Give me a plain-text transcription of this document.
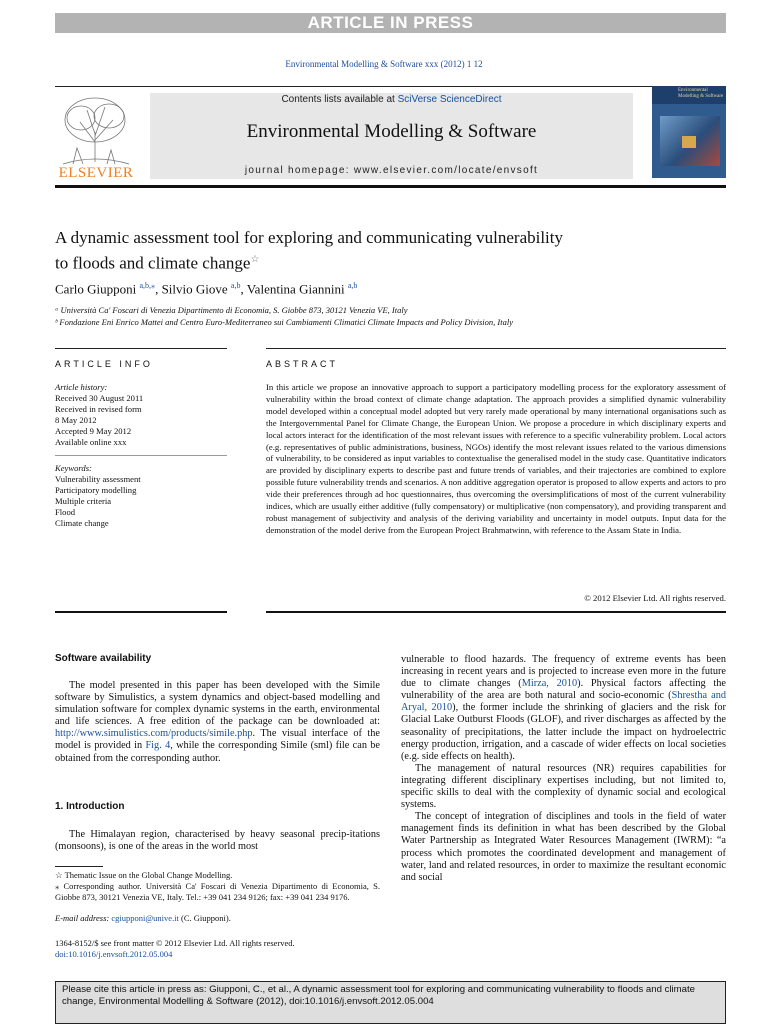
ARTICLE IN PRESS
Environmental Modelling & Software xxx (2012) 1 12
ELSEVIER
Contents lists available at SciVerse ScienceDirect
Environmental Modelling & Software
journal homepage: www.elsevier.com/locate/envsoft
Environmental
Modelling & Software
A dynamic assessment tool for exploring and communicating vulnerability
to floods and climate change☆
Carlo Giupponi $^{a,b,⁎}$, Silvio Giove $^{a,b}$, Valentina Giannini $^{a,b}$
ᵃ Università Ca' Foscari di Venezia Dipartimento di Economia, S. Giobbe 873, 30121 Venezia VE, Italy
ᵇ Fondazione Eni Enrico Mattei and Centro Euro-Mediterraneo sui Cambiamenti Climatici Climate Impacts and Policy Division, Italy
ARTICLE INFO	ABSTRACT
Article history:
Received 30 August 2011
Received in revised form
8 May 2012
Accepted 9 May 2012
Available online xxx
Keywords:
Vulnerability assessment
Participatory modelling
Multiple criteria
Flood
Climate change
In this article we propose an innovative approach to support a participatory modelling process for the exploratory assessment of vulnerability within the broad context of climate change adaptation. The approach provides a simplified dynamic vulnerability model developed within a conceptual model adopted but very rarely made operational by many international organisations such as the Intergovernmental Panel for Climate Change, the European Union. We propose a procedure in which disciplinary experts and local actors interact for the identification of the most relevant issues with reference to a specific vulnerability problem. Local actors (e.g. representatives of public administrations, business, NGOs) identify the most relevant issues related to the various dimensions of vulnerability, to be considered as input variables to contextualise the generalised model in the study case. Quantitative indicators are provided by disciplinary experts to describe past and future trends of variables, and their trajectories are combined to explore possible future vulnerability trends and scenarios. A non additive aggregation operator is proposed to allow experts and actors to pro vide their preferences through ad hoc questionnaires, thus overcoming the oversimplifications of most of the current vulnerability indices, which are usually either additive (fully compensatory) or multiplicative (non compensatory), and providing transparent and robust management of subjectivity and analysis of the deriving variability and uncertainty in model outputs. Input data for the demonstration of the model derive from the European Project Brahmatwinn, with reference to the Assam State in India.
© 2012 Elsevier Ltd. All rights reserved.
Software availability

The model presented in this paper has been developed with the Simile software by Simulistics, a system dynamics and object-based modelling and simulation software for complex dynamic systems in the earth, environmental and life sciences. A free edition of the package can be downloaded at: http://www.simulistics.com/products/simile.php. The visual interface of the model is provided in Fig. 4, while the corresponding Simile (sml) file can be obtained from the corresponding author.

1. Introduction

The Himalayan region, characterised by heavy seasonal precip-itations (monsoons), is one of the areas in the world most

vulnerable to flood hazards. The frequency of extreme events has been increasing in recent years and is projected to increase even more in the future due to climate changes (Mirza, 2010). Physical factors affecting the vulnerability of the area are both natural and socio-economic (Shrestha and Aryal, 2010), the former include the shrinking of glaciers and the risk for Glacial Lake Outburst Floods (GLOF), and river discharges as affected by the seasonality of precipitations, the latter include the impact on hydroelectric energy production, irrigation, and a cascade of wider effects on local societies (e.g. side effects on health).

The management of natural resources (NR) requires capabilities for integrating different disciplinary expertises including, but not limited to, specific skills to deal with the complexity of dynamic social and ecological systems.

The concept of integration of disciplines and tools in the field of water management finds its definition in what has been described by the Global Water Partnership as Integrated Water Resources Management (IWRM): “a process which promotes the coordinated development and management of water, land and related resources, in order to maximize the resultant economic and social

☆ Thematic Issue on the Global Change Modelling.
⁎ Corresponding author. Università Ca' Foscari di Venezia Dipartimento di Economia, S. Giobbe 873, 30121 Venezia VE, Italy. Tel.: +39 041 234 9126; fax: +39 041 234 9176.
E-mail address: cgiupponi@unive.it (C. Giupponi).
1364-8152/$ see front matter © 2012 Elsevier Ltd. All rights reserved.
doi:10.1016/j.envsoft.2012.05.004
Please cite this article in press as: Giupponi, C., et al., A dynamic assessment tool for exploring and communicating vulnerability to floods and climate change, Environmental Modelling & Software (2012), doi:10.1016/j.envsoft.2012.05.004
